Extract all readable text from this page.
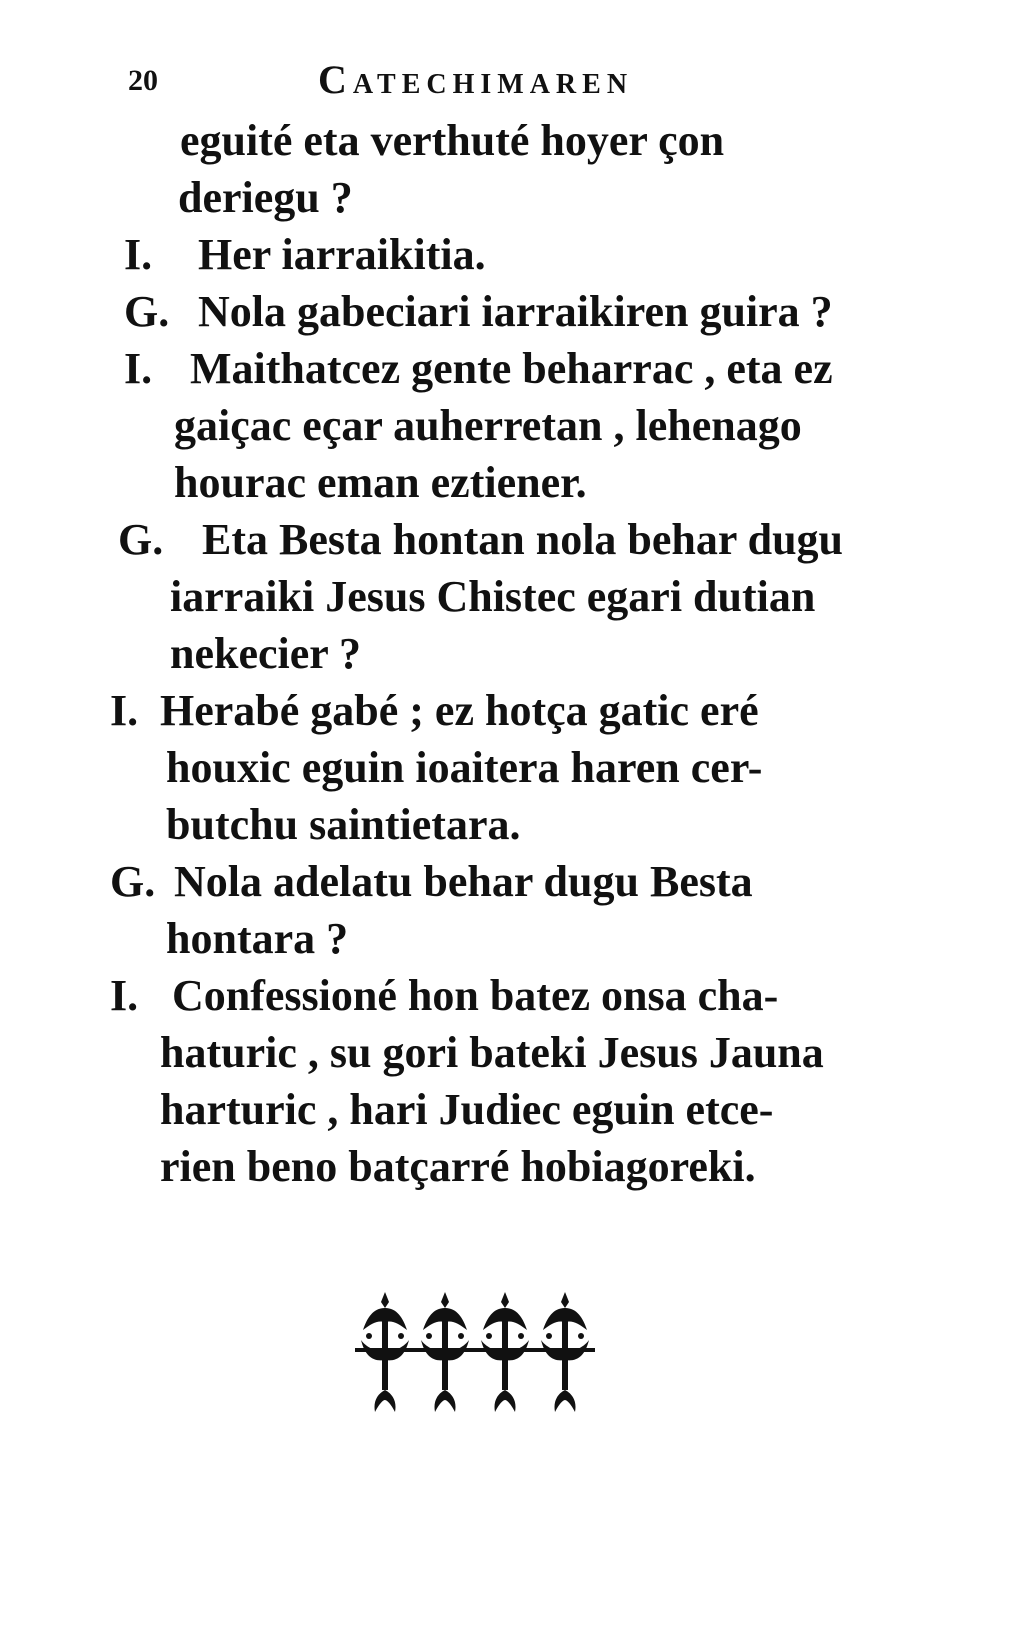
20	Catechimaren
eguité eta verthuté hoyer çon
deriegu ?
I.	Her iarraikitia.
G. Nola gabeciari iarraikiren guira ?
I. Maithatcez gente beharrac , eta ez
gaiçac eçar auherretan , lehenago
hourac eman eztiener.
G. Eta Besta hontan nola behar dugu
iarraiki Jesus Chistec egari dutian
nekecier ?
I. Herabé gabé ; ez hotça gatic eré
houxic eguin ioaitera haren cer-
butchu saintietara.
G. Nola adelatu behar dugu Besta
hontara ?
I. Confessioné hon batez onsa cha-
haturic , su gori bateki Jesus Jauna
harturic , hari Judiec eguin etce-
rien beno batçarré hobiagoreki.
